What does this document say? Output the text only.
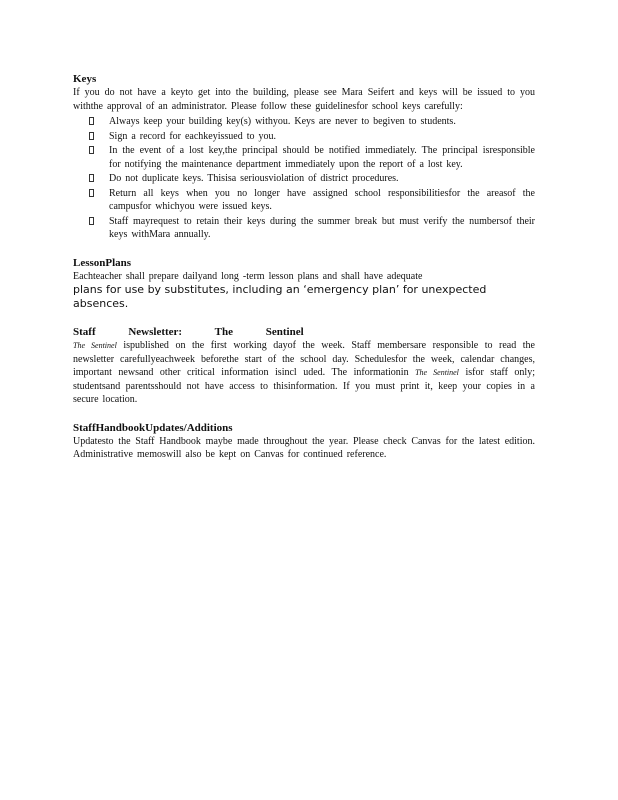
Keys

If you do not have a keyto get into the building, please see Mara Seifert and keys will be issued to you withthe approval of an administrator. Please follow these guidelinesfor school keys carefully:

Always keep your building key(s) withyou. Keys are never to begiven to students.
Sign a record for eachkeyissued to you.
In the event of a lost key,the principal should be notified immediately. The principal isresponsible for notifying the maintenance department immediately upon the report of a lost key.
Do not duplicate keys. Thisisa seriousviolation of district procedures.
Return all keys when you no longer have assigned school responsibilitiesfor the areasof the campusfor whichyou were issued keys.
Staff mayrequest to retain their keys during the summer break but must verify the numbersof their keys withMara annually.
LessonPlans

Eachteacher shall prepare dailyand long -term lesson plans and shall have adequate
plans for use by substitutes, including an ‘emergency plan’ for unexpected absences.

Staff Newsletter: The Sentinel

The Sentinel ispublished on the first working dayof the week. Staff membersare responsible to read the newsletter carefullyeachweek beforethe start of the school day. Schedulesfor the week, calendar changes, important newsand other critical information isincl uded. The informationin The Sentinel isfor staff only; studentsand parentsshould not have access to thisinformation. If you must print it, keep your copies in a secure location.

StaffHandbookUpdates/Additions

Updatesto the Staff Handbook maybe made throughout the year. Please check Canvas for the latest edition. Administrative memoswill also be kept on Canvas for continued reference.
